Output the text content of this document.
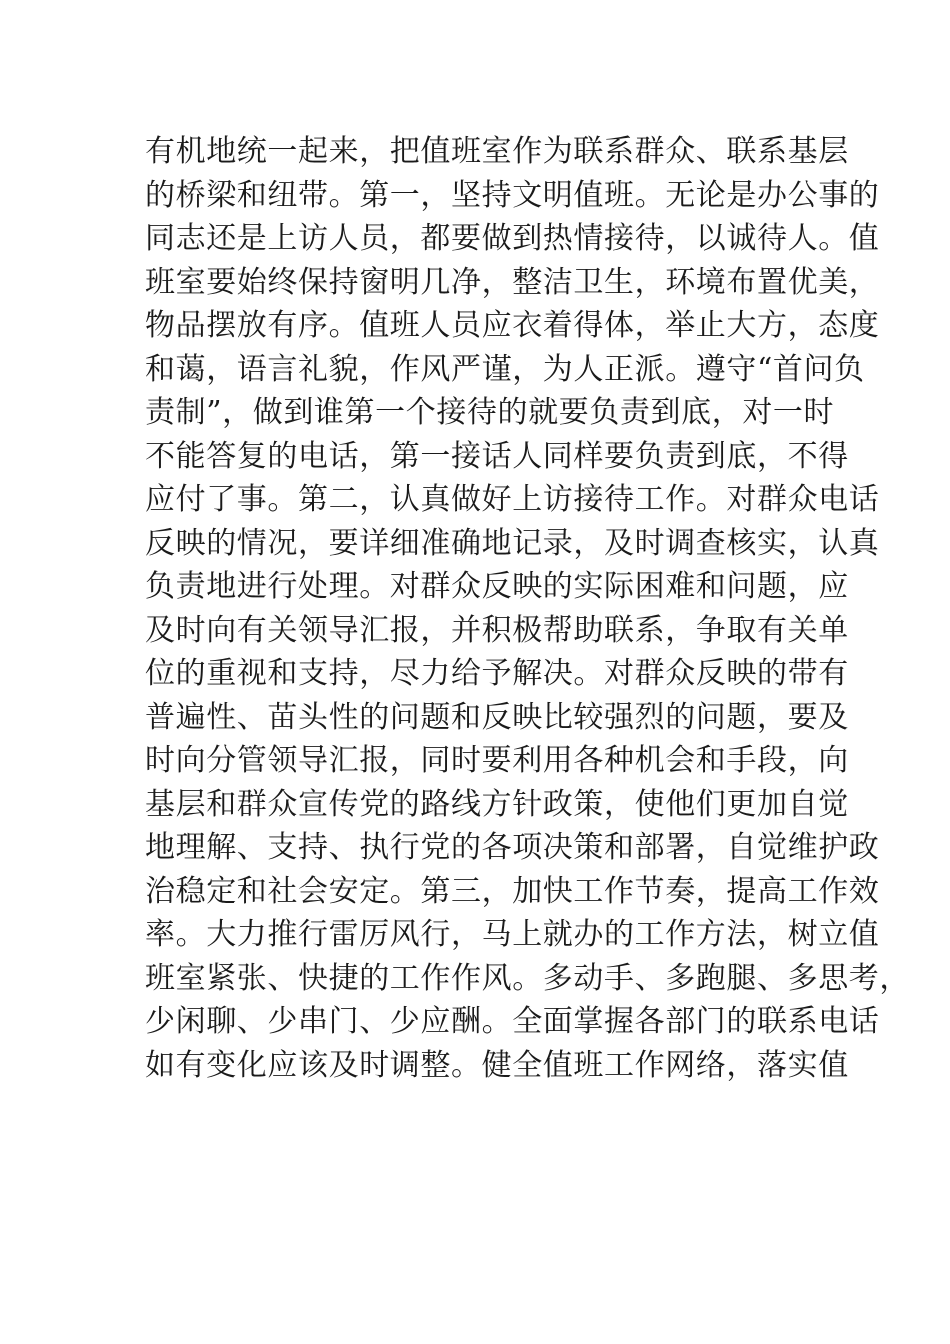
有机地统一起来，把值班室作为联系群众、联系基层
的桥梁和纽带。第一，坚持文明值班。无论是办公事的
同志还是上访人员，都要做到热情接待，以诚待人。值
班室要始终保持窗明几净，整洁卫生，环境布置优美，
物品摆放有序。值班人员应衣着得体，举止大方，态度
和蔼，语言礼貌，作风严谨，为人正派。遵守“首问负
责制”，做到谁第一个接待的就要负责到底，对一时
不能答复的电话，第一接话人同样要负责到底，不得
应付了事。第二，认真做好上访接待工作。对群众电话
反映的情况，要详细准确地记录，及时调查核实，认真
负责地进行处理。对群众反映的实际困难和问题，应
及时向有关领导汇报，并积极帮助联系，争取有关单
位的重视和支持，尽力给予解决。对群众反映的带有
普遍性、苗头性的问题和反映比较强烈的问题，要及
时向分管领导汇报，同时要利用各种机会和手段，向
基层和群众宣传党的路线方针政策，使他们更加自觉
地理解、支持、执行党的各项决策和部署，自觉维护政
治稳定和社会安定。第三，加快工作节奏，提高工作效
率。大力推行雷厉风行，马上就办的工作方法，树立值
班室紧张、快捷的工作作风。多动手、多跑腿、多思考，
少闲聊、少串门、少应酬。全面掌握各部门的联系电话
如有变化应该及时调整。健全值班工作网络，落实值
